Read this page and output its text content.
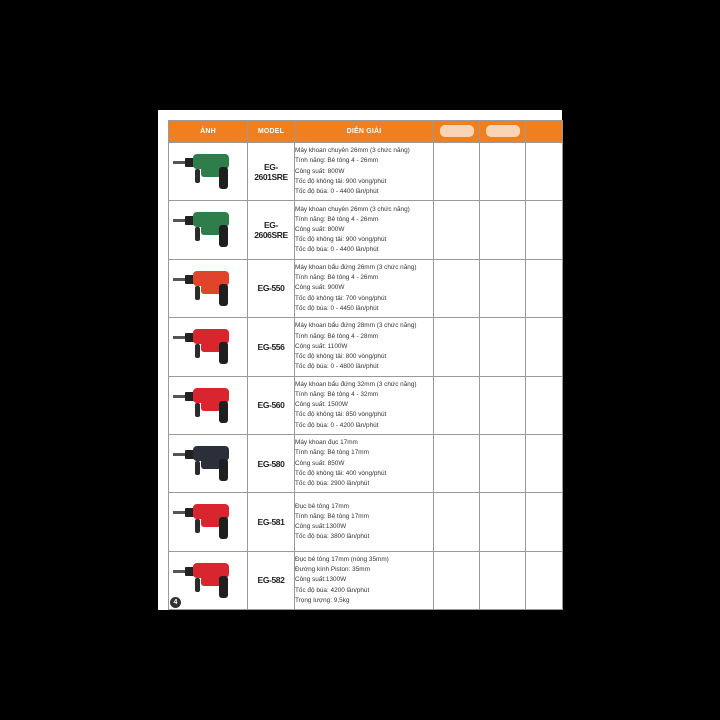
ẢNH	MODEL	DIỄN GIẢI	

	EG-2601SRE	Máy khoan chuyên 26mm (3 chức năng)
Tính năng: Bê tông 4 - 26mm
Công suất: 800W
Tốc độ không tải: 900 vòng/phút
Tốc độ búa: 0 - 4400 lần/phút			

	EG-2606SRE	Máy khoan chuyên 26mm (3 chức năng)
Tính năng: Bê tông 4 - 26mm
Công suất: 800W
Tốc độ không tải: 900 vòng/phút
Tốc độ búa: 0 - 4400 lần/phút			

	EG-550	Máy khoan bẩu đứng 26mm (3 chức năng)
Tính năng: Bê tông 4 - 26mm
Công suất: 900W
Tốc độ không tải: 700 vòng/phút
Tốc độ búa: 0 - 4450 lần/phút			

	EG-556	Máy khoan bẩu đứng 28mm (3 chức năng)
Tính năng: Bê tông 4 - 28mm
Công suất: 1100W
Tốc độ không tải: 800 vòng/phút
Tốc độ búa: 0 - 4800 lần/phút			

	EG-560	Máy khoan bẩu đứng 32mm (3 chức năng)
Tính năng: Bê tông 4 - 32mm
Công suất: 1500W
Tốc độ không tải: 850 vòng/phút
Tốc độ búa: 0 - 4200 lần/phút			

	EG-580	Máy khoan đục 17mm
Tính năng: Bê tông 17mm
Công suất: 850W
Tốc độ không tải: 400 vòng/phút
Tốc độ búa: 2900 lần/phút			

	EG-581	Đục bê tông 17mm
Tính năng: Bê tông 17mm
Công suất:1300W
Tốc độ búa: 3800 lần/phút			

	EG-582	Đục bê tông 17mm (nòng 35mm)
Đường kính Piston: 35mm
Công suất:1300W
Tốc độ búa: 4200 lần/phút
Trọng lượng: 9,5kg			

4
